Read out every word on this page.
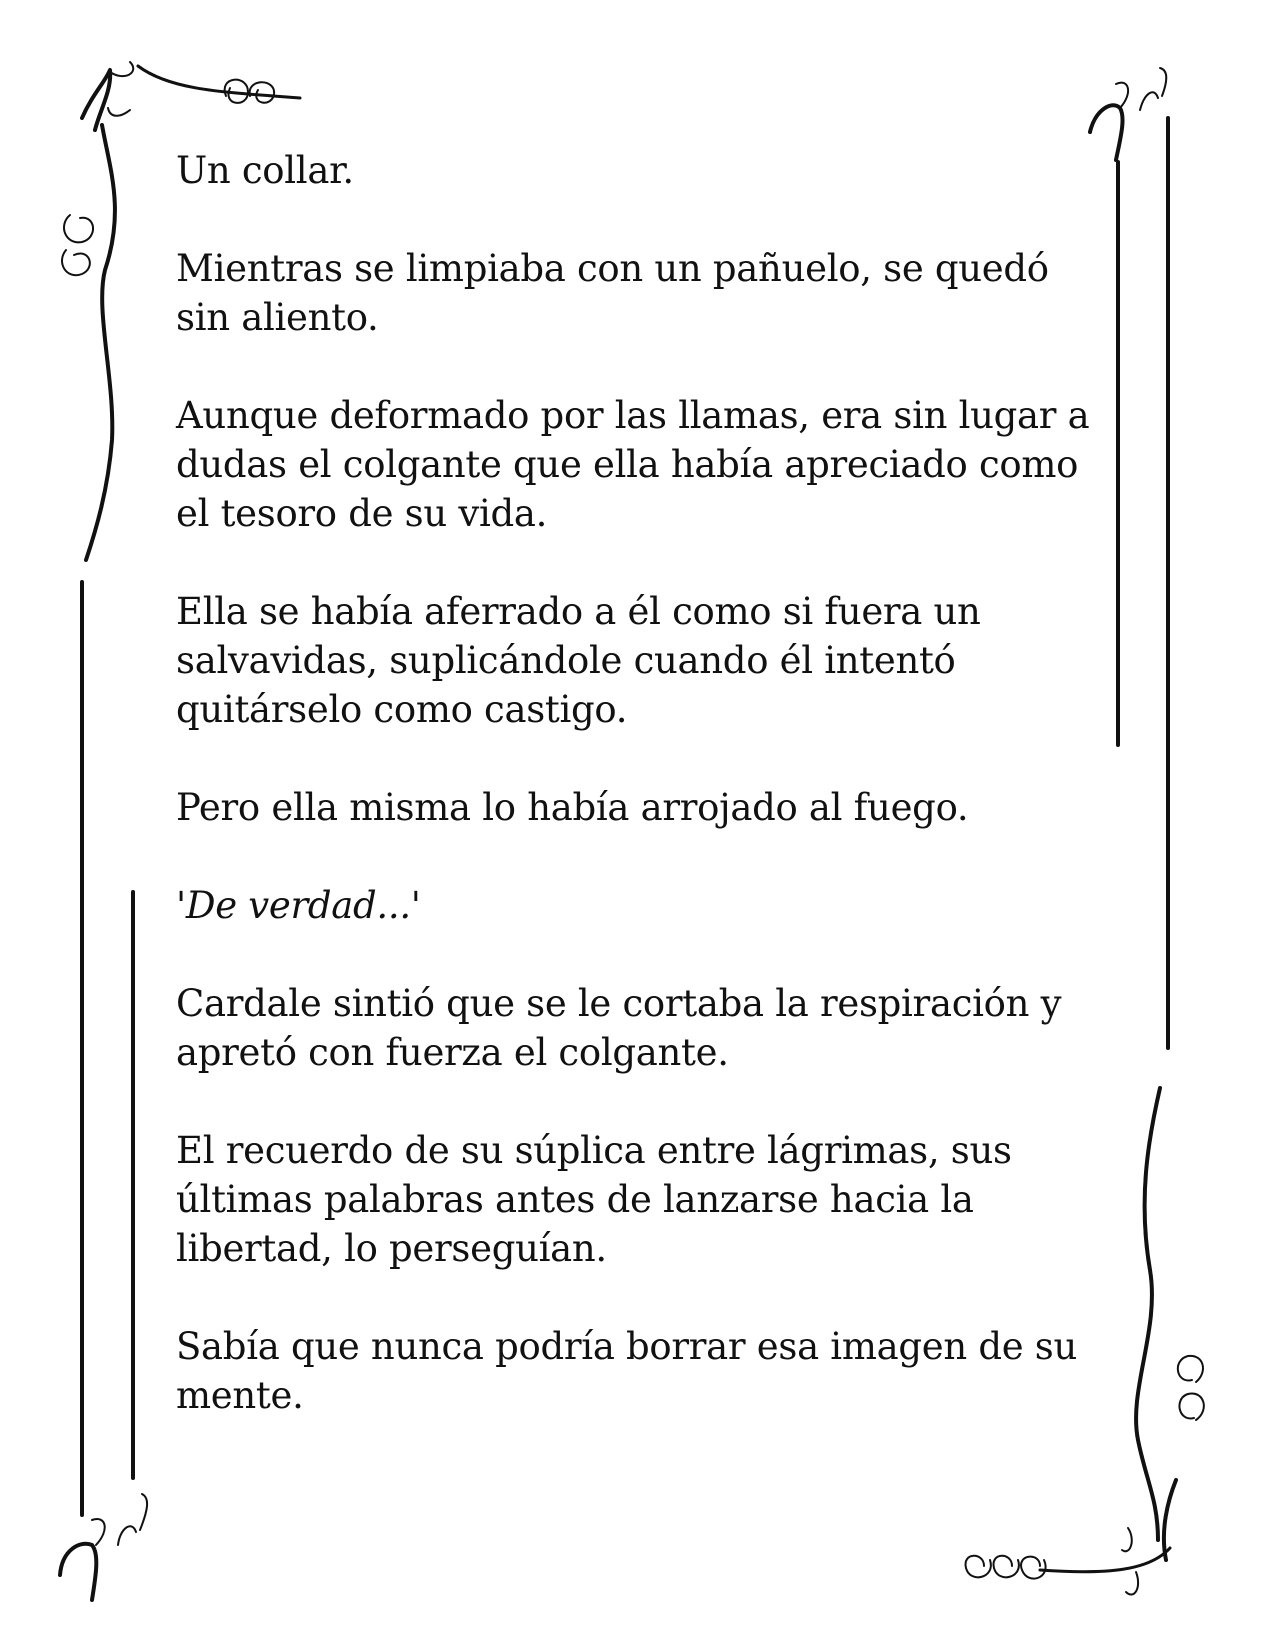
Un collar.

Mientras se limpiaba con un pañuelo, se quedó sin aliento.

Aunque deformado por las llamas, era sin lugar a dudas el colgante que ella había apreciado como el tesoro de su vida.

Ella se había aferrado a él como si fuera un salvavidas, suplicándole cuando él intentó quitárselo como castigo.

Pero ella misma lo había arrojado al fuego.

'De verdad...'

Cardale sintió que se le cortaba la respiración y apretó con fuerza el colgante.

El recuerdo de su súplica entre lágrimas, sus últimas palabras antes de lanzarse hacia la libertad, lo perseguían.

Sabía que nunca podría borrar esa imagen de su mente.
